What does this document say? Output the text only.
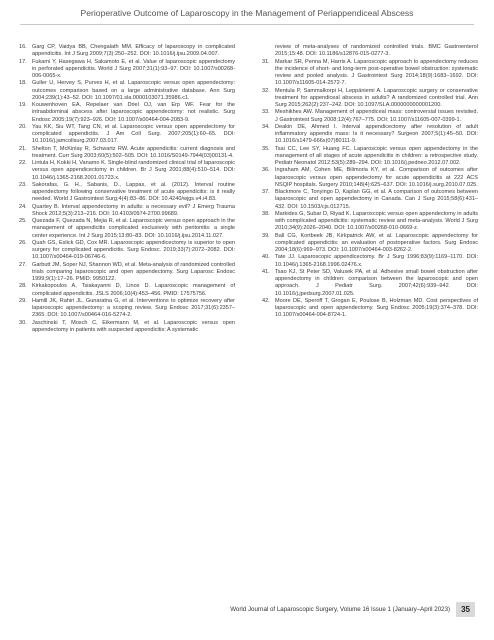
Perioperative Outcome of Laparoscopy in the Management of Periappendiceal Abscess
16. Garg CP, Vaidya BB, Chengalath MM. Efficacy of laparoscopy in complicated appendicitis. Int J Surg 2009;7(3):250–252. DOI: 10.1016/j.ijsu.2009.04.007.
17. Fukami Y, Hasegawa H, Sakamoto E, et al. Value of laparoscopic appendectomy in perforated appendicitis. World J Surg 2007;31(1):93–97. DOI: 10.1007/s00268-006-0065-x.
18. Guller U, Hervey S, Purves H, et al. Laparoscopic versus open appendectomy: outcomes comparison based on a large administrative database. Ann Surg 2004;239(1):43–52. DOI: 10.1097/01.sla.0000103071.35986.c1.
19. Kouwenhoven EA, Repelaer van Driel OJ, van Erp WF. Fear for the intraabdominal abscess after laparoscopic appendectomy: not realistic. Surg Endosc 2005;19(7):923–926. DOI: 10.1007/s00464-004-2083-9.
20. Yau KK, Siu WT, Tang CN, et al. Laparoscopic versus open appendectomy for complicated appendicitis. J Am Coll Surg. 2007;205(1):60–65. DOI: 10.1016/j.jamcollsurg.2007.03.017.
21. Shelton T, McKinlay R, Schwartz RW. Acute appendicitis: current diagnosis and treatment. Curr Surg 2003;60(5):502–505. DOI: 10.1016/S0149-7944(03)00131-4.
22. Lintula H, Kokki H, Vanamo K. Single-blind randomized clinical trial of laparoscopic versus open appendicectomy in children. Br J Surg 2001;88(4):510–514. DOI: 10.1046/j.1365-2168.2001.01723.x.
23. Sakorafas, G. H., Sabanis, D., Lappas, et al. (2012). Interval routine appendectomy following conservative treatment of acute appendicitis: is it really needed. World J Gastrointest Surg;4(4):83–86. DOI: 10.4240/wjgs.v4.i4.83.
24. Quartey B. Interval appendectomy in adults: a necessary evil? J Emerg Trauma Shock 2012;5(3):213–216. DOI: 10.4103/0974-2700.99689.
25. Quezada F, Quezada N, Mejia R, et al. Laparoscopic versus open approach in the management of appendicitis complicated exclusively with peritonitis: a single center experience. Int J Surg 2015;13:80–83. DOI: 10.1016/j.ijsu.2014.11.027.
26. Quah GS, Eslick GD, Cox MR. Laparoscopic appendicectomy is superior to open surgery for complicated appendicitis. Surg Endosc. 2019;33(7):2072–2082. DOI: 10.1007/s00464-019-06746-6.
27. Garbutt JM, Soper NJ, Shannon WD, et al. Meta-analysis of randomized controlled trials comparing laparoscopic and open appendectomy. Surg Laparosc Endosc 1999;9(1):17–26. PMID: 9950122.
28. Kirkakopoulos A, Tsiakayanni D, Linos D. Laparoscopic management of complicated appendicitis. JSLS 2006;10(4):453–456. PMID: 17575756.
29. Hamill JK, Rahiri JL, Gunaratna G, et al. Interventions to optimize recovery after laparoscopic appendectomy: a scoping review. Surg Endosc 2017;31(6):2357–2365. DOI: 10.1007/s00464-016-5274-2.
30. Jaschinski T, Mosch C, Eikermann M, et al. Laparoscopic versus open appendectomy in patients with suspected appendicitis: A systematic
review of meta-analyses of randomized controlled trials. BMC Gastroenterol 2015;15:48. DOI: 10.1186/s12876-015-0277-3.
31. Markar SR, Penna M, Harris A. Laparoscopic approach to appendectomy reduces the incidence of short- and long-term post-operative bowel obstruction: systematic review and pooled analysis. J Gastrointest Surg 2014;18(9):1683–1692. DOI: 10.1007/s11605-014-2572-7.
32. Mentula P, Sammalkorpi H, Leppäniemi A. Laparoscopic surgery or conservative treatment for appendiceal abscess in adults? A randomized controlled trial. Ann Surg 2015;262(2):237–242. DOI: 10.1097/SLA.0000000000001200.
33. Meshikhes AW. Management of appendiceal mass: controversial issues revisited. J Gastrointest Surg 2008;12(4):767–775. DOI: 10.1007/s11605-007-0399-1.
34. Deakin DE, Ahmed I. Interval appendicectomy after resolution of adult inflammatory appendix mass: Is it necessary? Surgeon 2007;5(1):45–50. DOI: 10.1016/s1479-666x(07)80111-9.
35. Tsai CC, Lee SY, Huang FC. Laparoscopic versus open appendectomy in the management of all stages of acute appendicitis in children: a retrospective study. Pediatr Neonatol 2012;53(5):289–294. DOI: 10.1016/j.pedneo.2012.07.002.
36. Ingraham AM, Cohen ME, Bilimoria KY, et al. Comparison of outcomes after laparoscopic versus open appendectomy for acute appendicitis at 222 ACS NSQIP hospitals. Surgery 2010;148(4):625–637. DOI: 10.1016/j.surg.2010.07.025.
37. Blackmore C, Tonyingo D, Kaplan GG, et al. A comparison of outcomes between laparoscopic and open appendectomy in Canada. Can J Surg 2015;58(6):431–432. DOI: 10.1503/cjs.012715.
38. Markides G, Subar D, Riyad K. Laparoscopic versus open appendectomy in adults with complicated appendicitis: systematic review and meta-analysis. World J Surg 2010;34(9):2026–2040. DOI: 10.1007/s00268-010-0669-z.
39. Ball CG, Kortbeek JB, Kirkpatrick AW, et al. Laparoscopic appendectomy for complicated appendicitis: an evaluation of postoperative factors. Surg Endosc 2004;18(6):969–973. DOI: 10.1007/s00464-003-8262-2.
40. Tate JJ. Laparoscopic appendicectomy. Br J Surg 1996;83(9):1169–1170. DOI: 10.1046/j.1365-2168.1996.02476.x.
41. Tsao KJ, St Peter SD, Valusek PA, et al. Adhesive small bowel obstruction after appendectomy in children: comparison between the laparoscopic and open approach. J Pediatr Surg. 2007;42(6):939–942. DOI: 10.1016/j.jpedsurg.2007.01.025.
42. Moore DE, Speroff T, Grogan E, Poulose B, Holzman MD. Cost perspectives of laparoscopic and open appendectomy. Surg Endosc 2005;19(3):374–378. DOI: 10.1007/s00464-004-8724-1.
World Journal of Laparoscopic Surgery, Volume 16 Issue 1 (January–April 2023)	35
